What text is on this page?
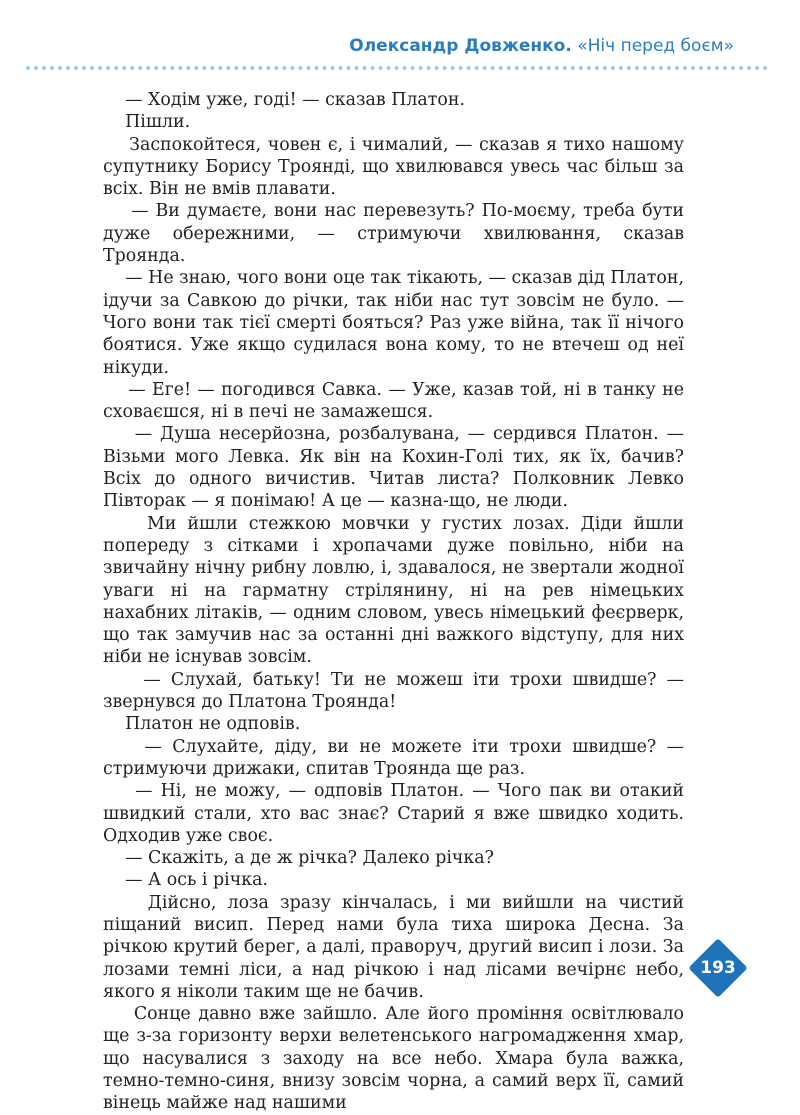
Олександр Довженко. «Ніч перед боєм»

— Ходім уже, годі! — сказав Платон.

Пішли.

Заспокойтеся, човен є, і чималий, — сказав я тихо нашому супутнику Борису Троянді, що хвилювався увесь час більш за всіх. Він не вмів плавати.

— Ви думаєте, вони нас перевезуть? По-моєму, треба бути дуже обережними, — стримуючи хвилювання, сказав Троянда.

— Не знаю, чого вони оце так тікають, — сказав дід Платон, ідучи за Савкою до річки, так ніби нас тут зовсім не було. — Чого вони так тієї смерті бояться? Раз уже війна, так її нічого боятися. Уже якщо судилася вона кому, то не втечеш од неї нікуди.

— Еге! — погодився Савка. — Уже, казав той, ні в танку не сховаєшся, ні в печі не замажешся.

— Душа несерйозна, розбалувана, — сердився Платон. — Візьми мого Левка. Як він на Кохин-Голі тих, як їх, бачив? Всіх до одного вичистив. Читав листа? Полковник Левко Півторак — я понімаю! А це — казна-що, не люди.

Ми йшли стежкою мовчки у густих лозах. Діди йшли попереду з сітками і хропачами дуже повільно, ніби на звичайну нічну рибну ловлю, і, здавалося, не звертали жодної уваги ні на гарматну стрілянину, ні на рев німецьких нахабних літаків, — одним словом, увесь німецький феєрверк, що так замучив нас за останні дні важкого відступу, для них ніби не існував зовсім.

— Слухай, батьку! Ти не можеш іти трохи швидше? — звернувся до Платона Троянда!

Платон не одповів.

— Слухайте, діду, ви не можете іти трохи швидше? — стримуючи дрижаки, спитав Троянда ще раз.

— Ні, не можу, — одповів Платон. — Чого пак ви отакий швидкий стали, хто вас знає? Старий я вже швидко ходить. Одходив уже своє.

— Скажіть, а де ж річка? Далеко річка?

— А ось і річка.

Дійсно, лоза зразу кінчалась, і ми вийшли на чистий піщаний висип. Перед нами була тиха широка Десна. За річкою крутий берег, а далі, праворуч, другий висип і лози. За лозами темні ліси, а над річкою і над лісами вечірнє небо, якого я ніколи таким ще не бачив.

Сонце давно вже зайшло. Але його проміння освітлювало ще з-за горизонту верхи велетенського нагромадження хмар, що насувалися з заходу на все небо. Хмара була важка, темно-темно-синя, внизу зовсім чорна, а самий верх її, самий вінець майже над нашими

193
